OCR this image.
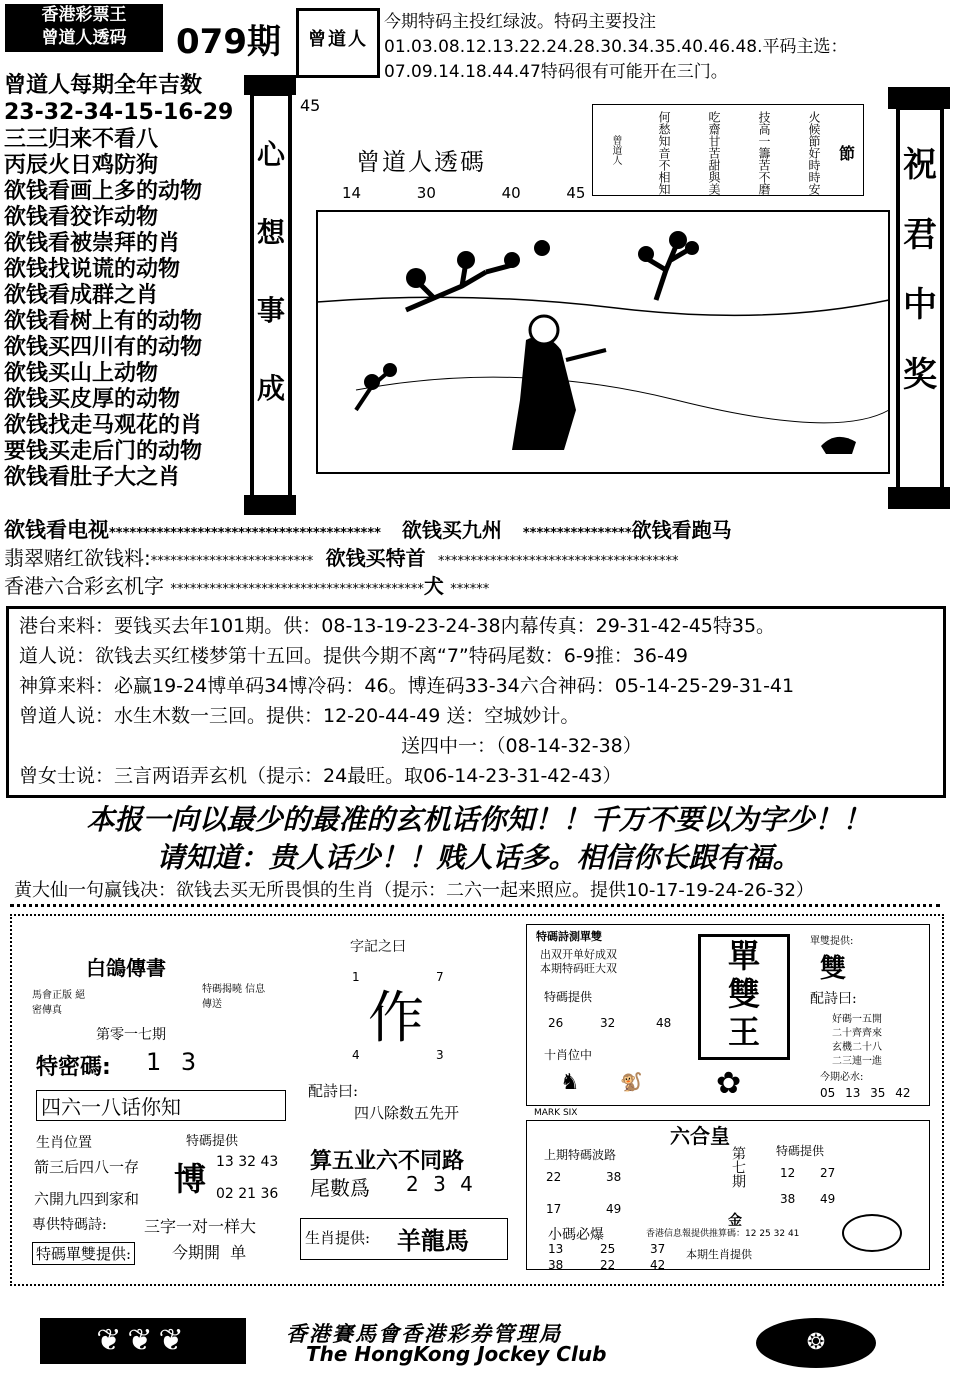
香港彩票王
曾道人透码	079期	曾道人
今期特码主投红绿波。特码主要投注01.03.08.12.13.22.24.28.30.34.35.40.46.48.平码主选：07.09.14.18.44.47特码很有可能开在三门。
曾道人每期全年吉数
23-32-34-15-16-29
三三归来不看八
丙辰火日鸡防狗
欲钱看画上多的动物
欲钱看狡诈动物
欲钱看被崇拜的肖
欲钱找说谎的动物
欲钱看成群之肖
欲钱看树上有的动物
欲钱买四川有的动物
欲钱买山上动物
欲钱买皮厚的动物
欲钱找走马观花的肖
要钱买走后门的动物
欲钱看肚子大之肖
心
想
事
成
祝
君
中
奖
45
曾道人透碼
14	30	40	45
節
火候節好時時安
技高一籌苦不磨
吃齋甘苦甜與美
何愁知音不相知
曾道人
欲钱看电视**************************************** 欲钱买九州 ****************欲钱看跑马
翡翠赌红欲钱料:************************* 欲钱买特首 *************************************
香港六合彩玄机字 ***************************************犬 ******
港台来料：要钱买去年101期。供：08-13-19-23-24-38内幕传真：29-31-42-45特35。
道人说：欲钱去买红楼梦第十五回。提供今期不离“7”特码尾数：6-9推：36-49
神算来料：必赢19-24博单码34博冷码：46。博连码33-34六合神码：05-14-25-29-31-41
曾道人说：水生木数一三回。提供：12-20-44-49 送：空城妙计。
送四中一：（08-14-32-38）
曾女士说：三言两语弄玄机（提示：24最旺。取06-14-23-31-42-43）
本报一向以最少的最准的玄机话你知！！千万不要以为字少！！
请知道：贵人话少！！贱人话多。相信你长跟有福。
黄大仙一句赢钱决：欲钱去买无所畏惧的生肖（提示：二六一起来照应。提供10-17-19-24-26-32）
白鴿傳書
馬會正版 絕密傳真
特碼揭曉 信息傳送
第零一七期
特密碼: 1 3
四六一八话你知
生肖位置
箭三后四八一存
六開九四到家和
特碼提供
博 13 32 43
02 21 36
專供特碼詩: 三字一对一样大
特碼單雙提供:	今期開  单
字記之曰
1	7
作
4	3
配詩曰:
四八除数五先开
算五业六不同路
尾數爲 2 3 4
生肖提供: 羊龍馬
特碼詩測單雙
出双开单好成双
本期特码旺大双
特碼提供
26	32	48
十肖位中
♞ 🐒
單
雙
王
✿
單雙提供:
雙
配詩曰:
好碼一五開
二十齊齊來
玄機二十八
二三連一進
今期必水:
05 13 35 42
MARK SIX
六合皇
上期特碼波路
22	38
17	49
第七期
金
特碼提供
12 27
38 49
小碼必爆	香港信息報提供推算碼：12 25 32 41
13	25	37
38	22	42
本期生肖提供
❦❦❦	香港賽馬會香港彩券管理局
The HongKong Jockey Club	❂
